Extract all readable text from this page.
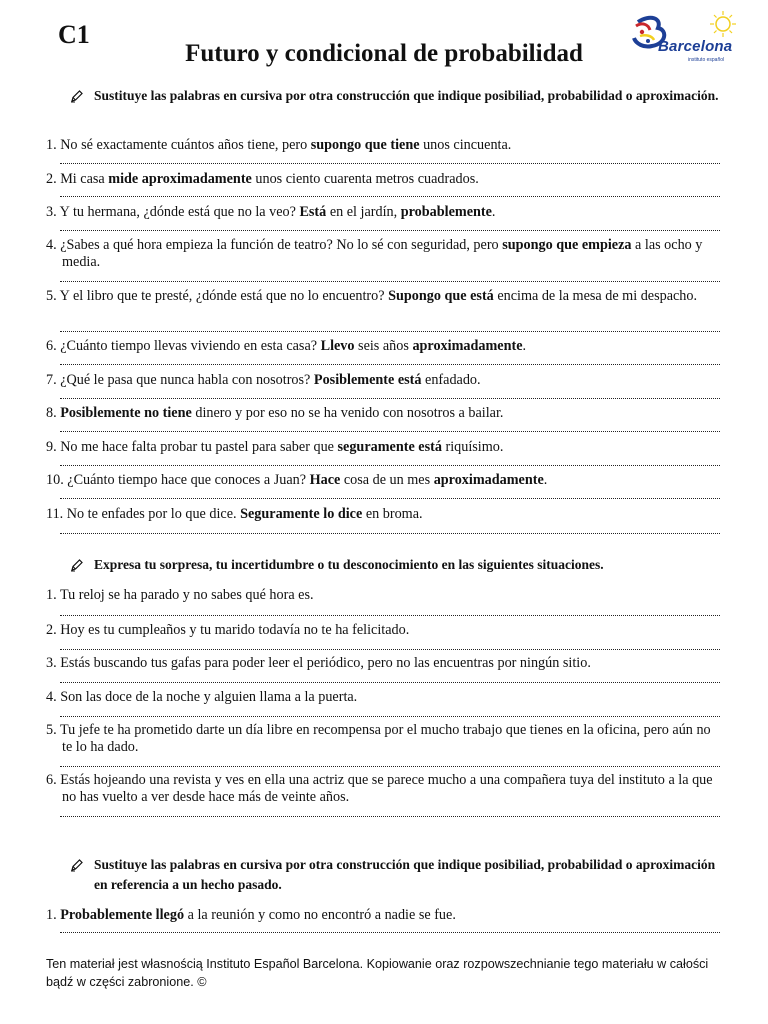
C1
Futuro y condicional de probabilidad	Barcelona
instituto español
Sustituye las palabras en cursiva por otra construcción que indique posibiliad, probabilidad o aproximación.
1. No sé exactamente cuántos años tiene, pero supongo que tiene unos cincuenta.
2. Mi casa mide aproximadamente unos ciento cuarenta metros cuadrados.
3. Y tu hermana, ¿dónde está que no la veo? Está en el jardín, probablemente.
4. ¿Sabes a qué hora empieza la función de teatro? No lo sé con seguridad, pero supongo que empieza a las ocho y media.
5. Y el libro que te presté, ¿dónde está que no lo encuentro? Supongo que está encima de la mesa de mi despacho.
6. ¿Cuánto tiempo llevas viviendo en esta casa? Llevo seis años aproximadamente.
7. ¿Qué le pasa que nunca habla con nosotros? Posiblemente está enfadado.
8. Posiblemente no tiene dinero y por eso no se ha venido con nosotros a bailar.
9. No me hace falta probar tu pastel para saber que seguramente está riquísimo.
10. ¿Cuánto tiempo hace que conoces a Juan? Hace cosa de un mes aproximadamente.
11. No te enfades por lo que dice. Seguramente lo dice en broma.
Expresa tu sorpresa, tu incertidumbre o tu desconocimiento en las siguientes situaciones.
1. Tu reloj se ha parado y no sabes qué hora es.
2. Hoy es tu cumpleaños y tu marido todavía no te ha felicitado.
3. Estás buscando tus gafas para poder leer el periódico, pero no las encuentras por ningún sitio.
4. Son las doce de la noche y alguien llama a la puerta.
5. Tu jefe te ha prometido darte un día libre en recompensa por el mucho trabajo que tienes en la oficina, pero aún no te lo ha dado.
6. Estás hojeando una revista y ves en ella una actriz que se parece mucho a una compañera tuya del instituto a la que no has vuelto a ver desde hace más de veinte años.
Sustituye las palabras en cursiva por otra construcción que indique posibiliad, probabilidad o aproximación en referencia a un hecho pasado.
1. Probablemente llegó a la reunión y como no encontró a nadie se fue.
Ten materiał jest własnością Instituto Español Barcelona. Kopiowanie oraz rozpowszechnianie tego materiału w całości bądź w części zabronione. ©
